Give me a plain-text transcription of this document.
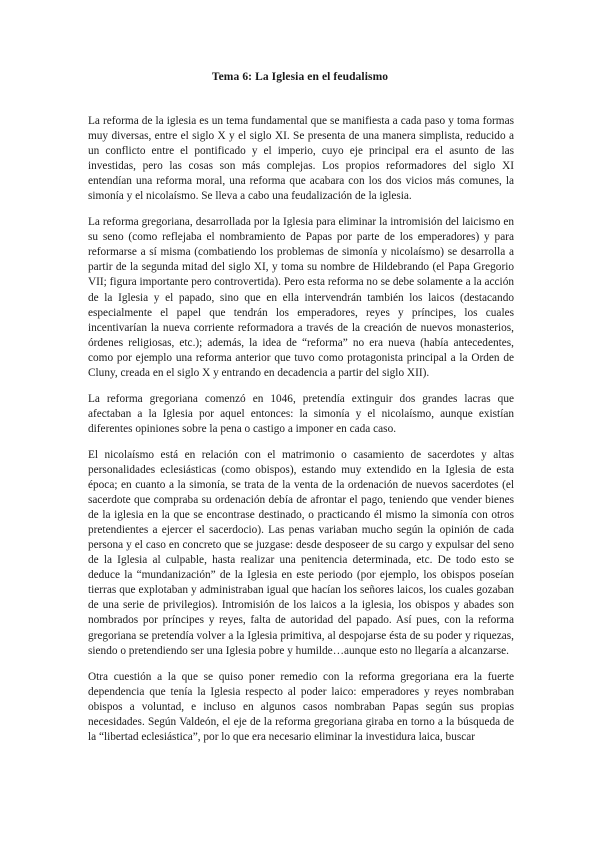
Tema 6: La Iglesia en el feudalismo

La reforma de la iglesia es un tema fundamental que se manifiesta a cada paso y toma formas muy diversas, entre el siglo X y el siglo XI. Se presenta de una manera simplista, reducido a un conflicto entre el pontificado y el imperio, cuyo eje principal era el asunto de las investidas, pero las cosas son más complejas. Los propios reformadores del siglo XI entendían una reforma moral, una reforma que acabara con los dos vicios más comunes, la simonía y el nicolaísmo. Se lleva a cabo una feudalización de la iglesia.

La reforma gregoriana, desarrollada por la Iglesia para eliminar la intromisión del laicismo en su seno (como reflejaba el nombramiento de Papas por parte de los emperadores) y para reformarse a sí misma (combatiendo los problemas de simonía y nicolaísmo) se desarrolla a partir de la segunda mitad del siglo XI, y toma su nombre de Hildebrando (el Papa Gregorio VII; figura importante pero controvertida). Pero esta reforma no se debe solamente a la acción de la Iglesia y el papado, sino que en ella intervendrán también los laicos (destacando especialmente el papel que tendrán los emperadores, reyes y príncipes, los cuales incentivarían la nueva corriente reformadora a través de la creación de nuevos monasterios, órdenes religiosas, etc.); además, la idea de “reforma” no era nueva (había antecedentes, como por ejemplo una reforma anterior que tuvo como protagonista principal a la Orden de Cluny, creada en el siglo X y entrando en decadencia a partir del siglo XII).

La reforma gregoriana comenzó en 1046, pretendía extinguir dos grandes lacras que afectaban a la Iglesia por aquel entonces: la simonía y el nicolaísmo, aunque existían diferentes opiniones sobre la pena o castigo a imponer en cada caso.

El nicolaísmo está en relación con el matrimonio o casamiento de sacerdotes y altas personalidades eclesiásticas (como obispos), estando muy extendido en la Iglesia de esta época; en cuanto a la simonía, se trata de la venta de la ordenación de nuevos sacerdotes (el sacerdote que compraba su ordenación debía de afrontar el pago, teniendo que vender bienes de la iglesia en la que se encontrase destinado, o practicando él mismo la simonía con otros pretendientes a ejercer el sacerdocio). Las penas variaban mucho según la opinión de cada persona y el caso en concreto que se juzgase: desde desposeer de su cargo y expulsar del seno de la Iglesia al culpable, hasta realizar una penitencia determinada, etc. De todo esto se deduce la “mundanización” de la Iglesia en este periodo (por ejemplo, los obispos poseían tierras que explotaban y administraban igual que hacían los señores laicos, los cuales gozaban de una serie de privilegios). Intromisión de los laicos a la iglesia, los obispos y abades son nombrados por príncipes y reyes, falta de autoridad del papado. Así pues, con la reforma gregoriana se pretendía volver a la Iglesia primitiva, al despojarse ésta de su poder y riquezas, siendo o pretendiendo ser una Iglesia pobre y humilde…aunque esto no llegaría a alcanzarse.

Otra cuestión a la que se quiso poner remedio con la reforma gregoriana era la fuerte dependencia que tenía la Iglesia respecto al poder laico: emperadores y reyes nombraban obispos a voluntad, e incluso en algunos casos nombraban Papas según sus propias necesidades. Según Valdeón, el eje de la reforma gregoriana giraba en torno a la búsqueda de la “libertad eclesiástica”, por lo que era necesario eliminar la investidura laica, buscar
